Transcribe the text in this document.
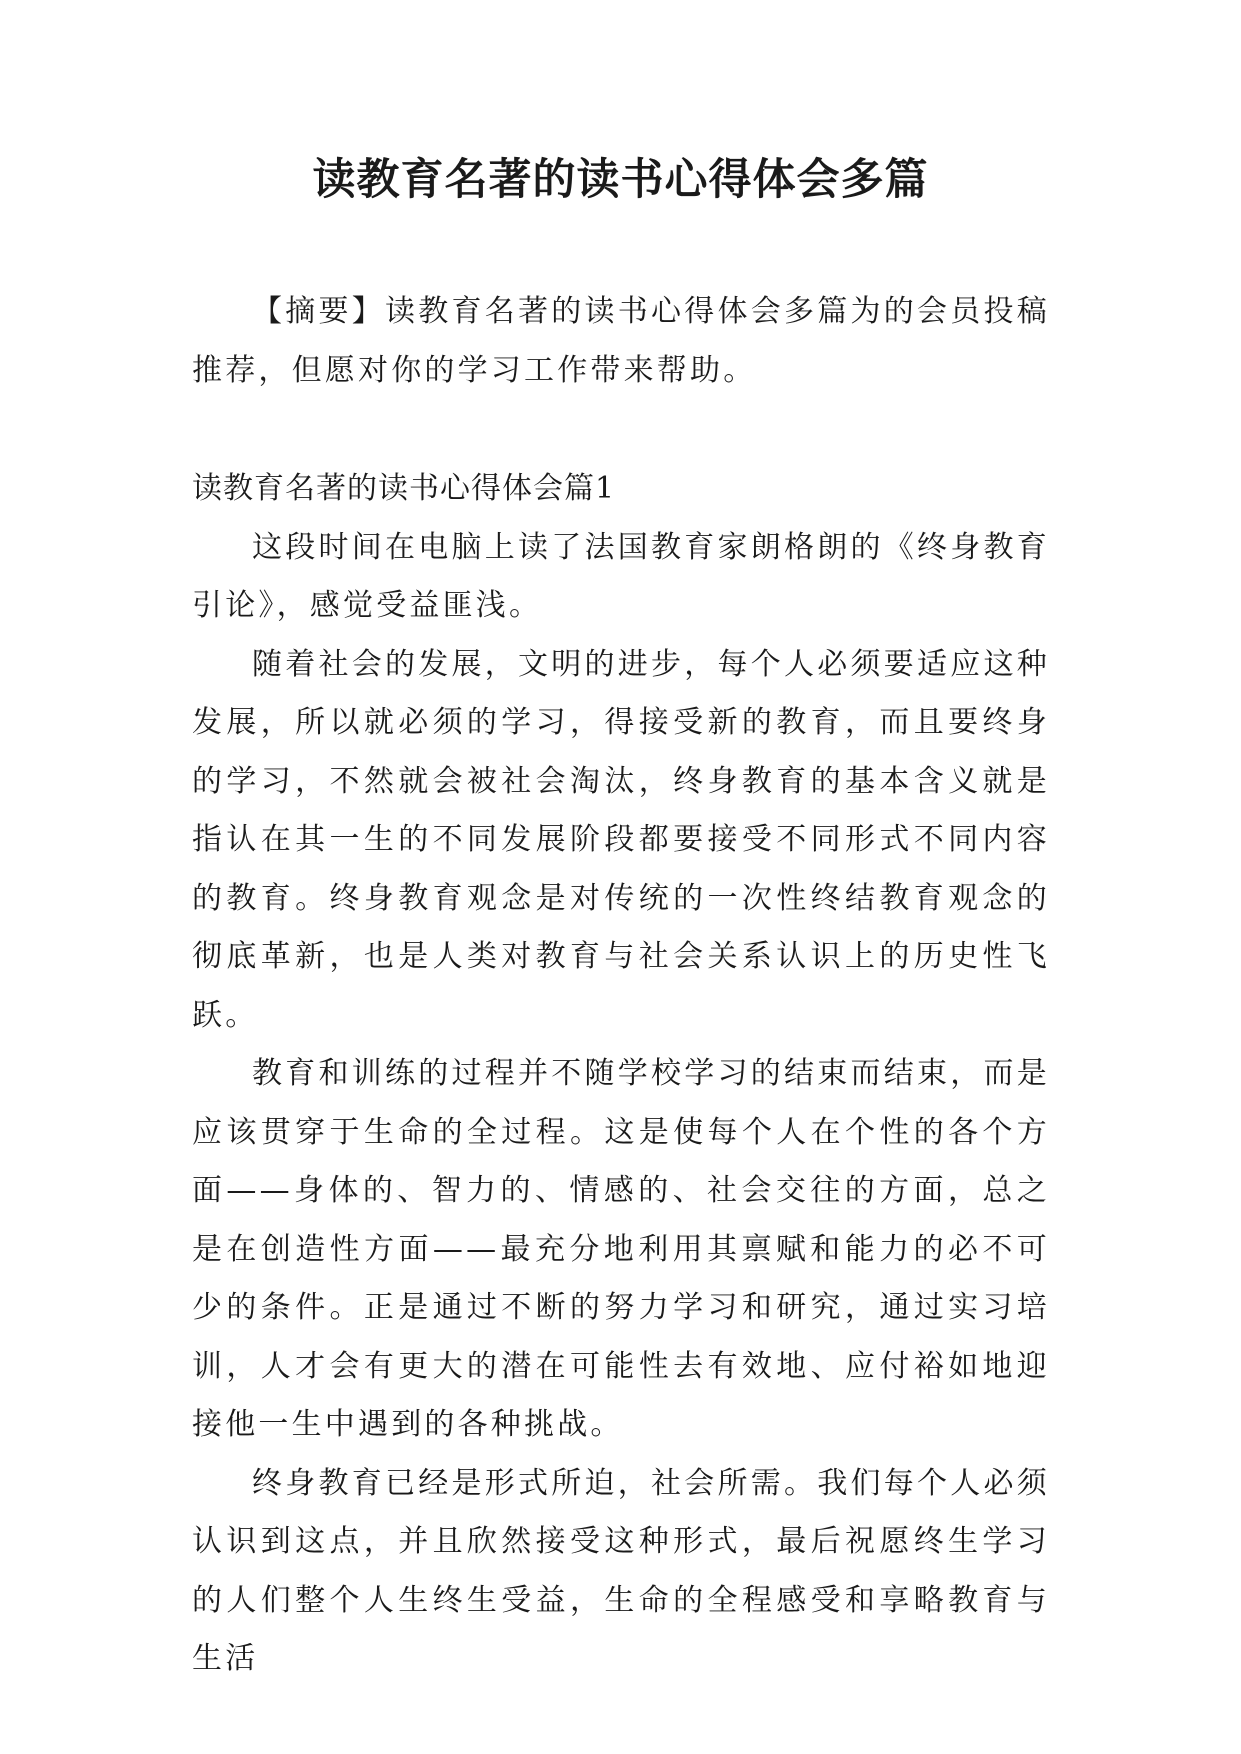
读教育名著的读书心得体会多篇

【摘要】读教育名著的读书心得体会多篇为的会员投稿推荐，但愿对你的学习工作带来帮助。

读教育名著的读书心得体会篇1

这段时间在电脑上读了法国教育家朗格朗的《终身教育引论》，感觉受益匪浅。

随着社会的发展，文明的进步，每个人必须要适应这种发展，所以就必须的学习，得接受新的教育，而且要终身的学习，不然就会被社会淘汰，终身教育的基本含义就是指认在其一生的不同发展阶段都要接受不同形式不同内容的教育。终身教育观念是对传统的一次性终结教育观念的彻底革新，也是人类对教育与社会关系认识上的历史性飞跃。

教育和训练的过程并不随学校学习的结束而结束，而是应该贯穿于生命的全过程。这是使每个人在个性的各个方面——身体的、智力的、情感的、社会交往的方面，总之是在创造性方面——最充分地利用其禀赋和能力的必不可少的条件。正是通过不断的努力学习和研究，通过实习培训，人才会有更大的潜在可能性去有效地、应付裕如地迎接他一生中遇到的各种挑战。

终身教育已经是形式所迫，社会所需。我们每个人必须认识到这点，并且欣然接受这种形式，最后祝愿终生学习的人们整个人生终生受益，生命的全程感受和享略教育与生活
